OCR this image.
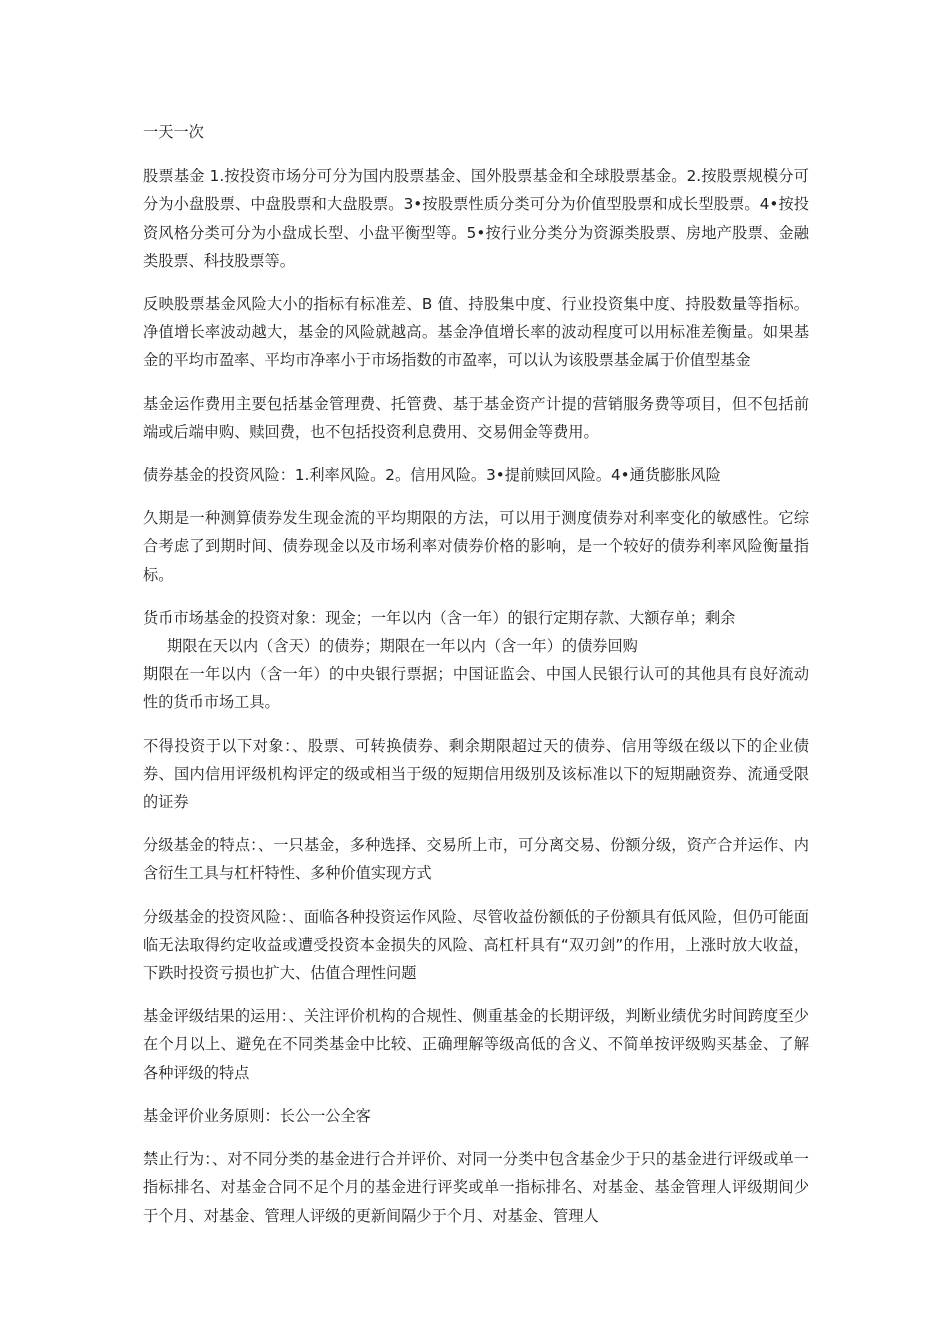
一天一次

股票基金 1.按投资市场分可分为国内股票基金、国外股票基金和全球股票基金。2.按股票规模分可分为小盘股票、中盘股票和大盘股票。3•按股票性质分类可分为价值型股票和成长型股票。4•按投资风格分类可分为小盘成长型、小盘平衡型等。5•按行业分类分为资源类股票、房地产股票、金融类股票、科技股票等。

反映股票基金风险大小的指标有标准差、B 值、持股集中度、行业投资集中度、持股数量等指标。净值增长率波动越大，基金的风险就越高。基金净值增长率的波动程度可以用标准差衡量。如果基金的平均市盈率、平均市净率小于市场指数的市盈率，可以认为该股票基金属于价值型基金

基金运作费用主要包括基金管理费、托管费、基于基金资产计提的营销服务费等项目，但不包括前端或后端申购、赎回费，也不包括投资利息费用、交易佣金等费用。

债券基金的投资风险：1.利率风险。2。信用风险。3•提前赎回风险。4•通货膨胀风险

久期是一种测算债券发生现金流的平均期限的方法，可以用于测度债券对利率变化的敏感性。它综合考虑了到期时间、债券现金以及市场利率对债券价格的影响，是一个较好的债券利率风险衡量指标。

货币市场基金的投资对象：现金；一年以内（含一年）的银行定期存款、大额存单；剩余
期限在天以内（含天）的债券；期限在一年以内（含一年）的债券回购

期限在一年以内（含一年）的中央银行票据；中国证监会、中国人民银行认可的其他具有良好流动性的货币市场工具。

不得投资于以下对象：、股票、可转换债券、剩余期限超过天的债券、信用等级在级以下的企业债券、国内信用评级机构评定的级或相当于级的短期信用级别及该标准以下的短期融资券、流通受限的证券

分级基金的特点：、一只基金，多种选择、交易所上市，可分离交易、份额分级，资产合并运作、内含衍生工具与杠杆特性、多种价值实现方式

分级基金的投资风险：、面临各种投资运作风险、尽管收益份额低的子份额具有低风险，但仍可能面临无法取得约定收益或遭受投资本金损失的风险、高杠杆具有“双刃剑”的作用，上涨时放大收益，下跌时投资亏损也扩大、估值合理性问题

基金评级结果的运用：、关注评价机构的合规性、侧重基金的长期评级，判断业绩优劣时间跨度至少在个月以上、避免在不同类基金中比较、正确理解等级高低的含义、不简单按评级购买基金、了解各种评级的特点

基金评价业务原则：长公一公全客

禁止行为：、对不同分类的基金进行合并评价、对同一分类中包含基金少于只的基金进行评级或单一指标排名、对基金合同不足个月的基金进行评奖或单一指标排名、对基金、基金管理人评级期间少于个月、对基金、管理人评级的更新间隔少于个月、对基金、管理人
